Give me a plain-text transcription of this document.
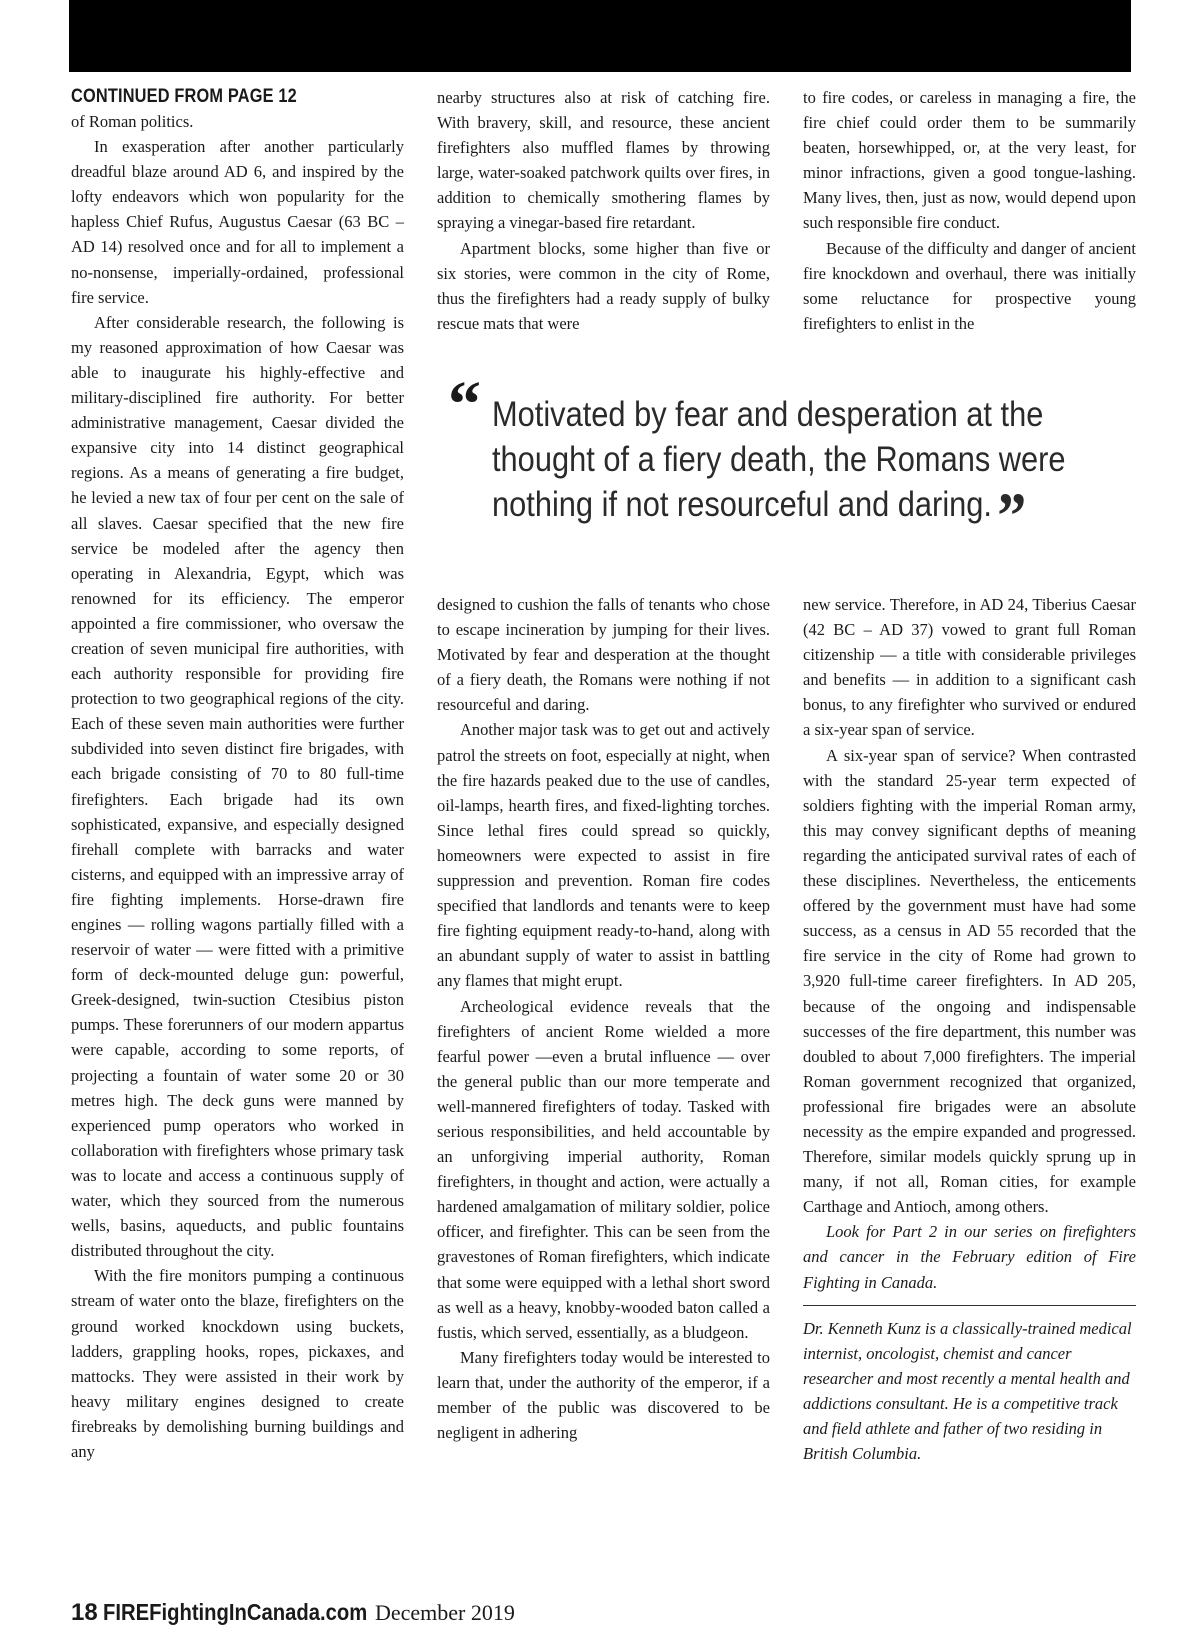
CONTINUED FROM PAGE 12

of Roman politics.

In exasperation after another particularly dreadful blaze around AD 6, and inspired by the lofty endeavors which won popularity for the hapless Chief Rufus, Augustus Caesar (63 BC – AD 14) resolved once and for all to implement a no-nonsense, imperially-ordained, professional fire service.

After considerable research, the following is my reasoned approximation of how Caesar was able to inaugurate his highly-effective and military-disciplined fire authority. For better administrative management, Caesar divided the expansive city into 14 distinct geographical regions. As a means of generating a fire budget, he levied a new tax of four per cent on the sale of all slaves. Caesar specified that the new fire service be modeled after the agency then operating in Alexandria, Egypt, which was renowned for its efficiency. The emperor appointed a fire commissioner, who oversaw the creation of seven municipal fire authorities, with each authority responsible for providing fire protection to two geographical regions of the city. Each of these seven main authorities were further subdivided into seven distinct fire brigades, with each brigade consisting of 70 to 80 full-time firefighters. Each brigade had its own sophisticated, expansive, and especially designed firehall complete with barracks and water cisterns, and equipped with an impressive array of fire fighting implements. Horse-drawn fire engines — rolling wagons partially filled with a reservoir of water — were fitted with a primitive form of deck-mounted deluge gun: powerful, Greek-designed, twin-suction Ctesibius piston pumps. These forerunners of our modern appartus were capable, according to some reports, of projecting a fountain of water some 20 or 30 metres high. The deck guns were manned by experienced pump operators who worked in collaboration with firefighters whose primary task was to locate and access a continuous supply of water, which they sourced from the numerous wells, basins, aqueducts, and public fountains distributed throughout the city.

With the fire monitors pumping a continuous stream of water onto the blaze, firefighters on the ground worked knockdown using buckets, ladders, grappling hooks, ropes, pickaxes, and mattocks. They were assisted in their work by heavy military engines designed to create firebreaks by demolishing burning buildings and any

nearby structures also at risk of catching fire. With bravery, skill, and resource, these ancient firefighters also muffled flames by throwing large, water-soaked patchwork quilts over fires, in addition to chemically smothering flames by spraying a vinegar-based fire retardant.

Apartment blocks, some higher than five or six stories, were common in the city of Rome, thus the firefighters had a ready supply of bulky rescue mats that were

to fire codes, or careless in managing a fire, the fire chief could order them to be summarily beaten, horsewhipped, or, at the very least, for minor infractions, given a good tongue-lashing. Many lives, then, just as now, would depend upon such responsible fire conduct.

Because of the difficulty and danger of ancient fire knockdown and overhaul, there was initially some reluctance for prospective young firefighters to enlist in the

“ Motivated by fear and desperation at the thought of a fiery death, the Romans were nothing if not resourceful and daring.”

designed to cushion the falls of tenants who chose to escape incineration by jumping for their lives. Motivated by fear and desperation at the thought of a fiery death, the Romans were nothing if not resourceful and daring.

Another major task was to get out and actively patrol the streets on foot, especially at night, when the fire hazards peaked due to the use of candles, oil-lamps, hearth fires, and fixed-lighting torches. Since lethal fires could spread so quickly, homeowners were expected to assist in fire suppression and prevention. Roman fire codes specified that landlords and tenants were to keep fire fighting equipment ready-to-hand, along with an abundant supply of water to assist in battling any flames that might erupt.

Archeological evidence reveals that the firefighters of ancient Rome wielded a more fearful power —even a brutal influence — over the general public than our more temperate and well-mannered firefighters of today. Tasked with serious responsibilities, and held accountable by an unforgiving imperial authority, Roman firefighters, in thought and action, were actually a hardened amalgamation of military soldier, police officer, and firefighter. This can be seen from the gravestones of Roman firefighters, which indicate that some were equipped with a lethal short sword as well as a heavy, knobby-wooded baton called a fustis, which served, essentially, as a bludgeon.

Many firefighters today would be interested to learn that, under the authority of the emperor, if a member of the public was discovered to be negligent in adhering

new service. Therefore, in AD 24, Tiberius Caesar (42 BC – AD 37) vowed to grant full Roman citizenship — a title with considerable privileges and benefits — in addition to a significant cash bonus, to any firefighter who survived or endured a six-year span of service.

A six-year span of service? When contrasted with the standard 25-year term expected of soldiers fighting with the imperial Roman army, this may convey significant depths of meaning regarding the anticipated survival rates of each of these disciplines. Nevertheless, the enticements offered by the government must have had some success, as a census in AD 55 recorded that the fire service in the city of Rome had grown to 3,920 full-time career firefighters. In AD 205, because of the ongoing and indispensable successes of the fire department, this number was doubled to about 7,000 firefighters. The imperial Roman government recognized that organized, professional fire brigades were an absolute necessity as the empire expanded and progressed. Therefore, similar models quickly sprung up in many, if not all, Roman cities, for example Carthage and Antioch, among others.

Look for Part 2 in our series on firefighters and cancer in the February edition of Fire Fighting in Canada.

Dr. Kenneth Kunz is a classically-trained medical internist, oncologist, chemist and cancer researcher and most recently a mental health and addictions consultant. He is a competitive track and field athlete and father of two residing in British Columbia.
18 FIREFightingInCanada.com December 2019
